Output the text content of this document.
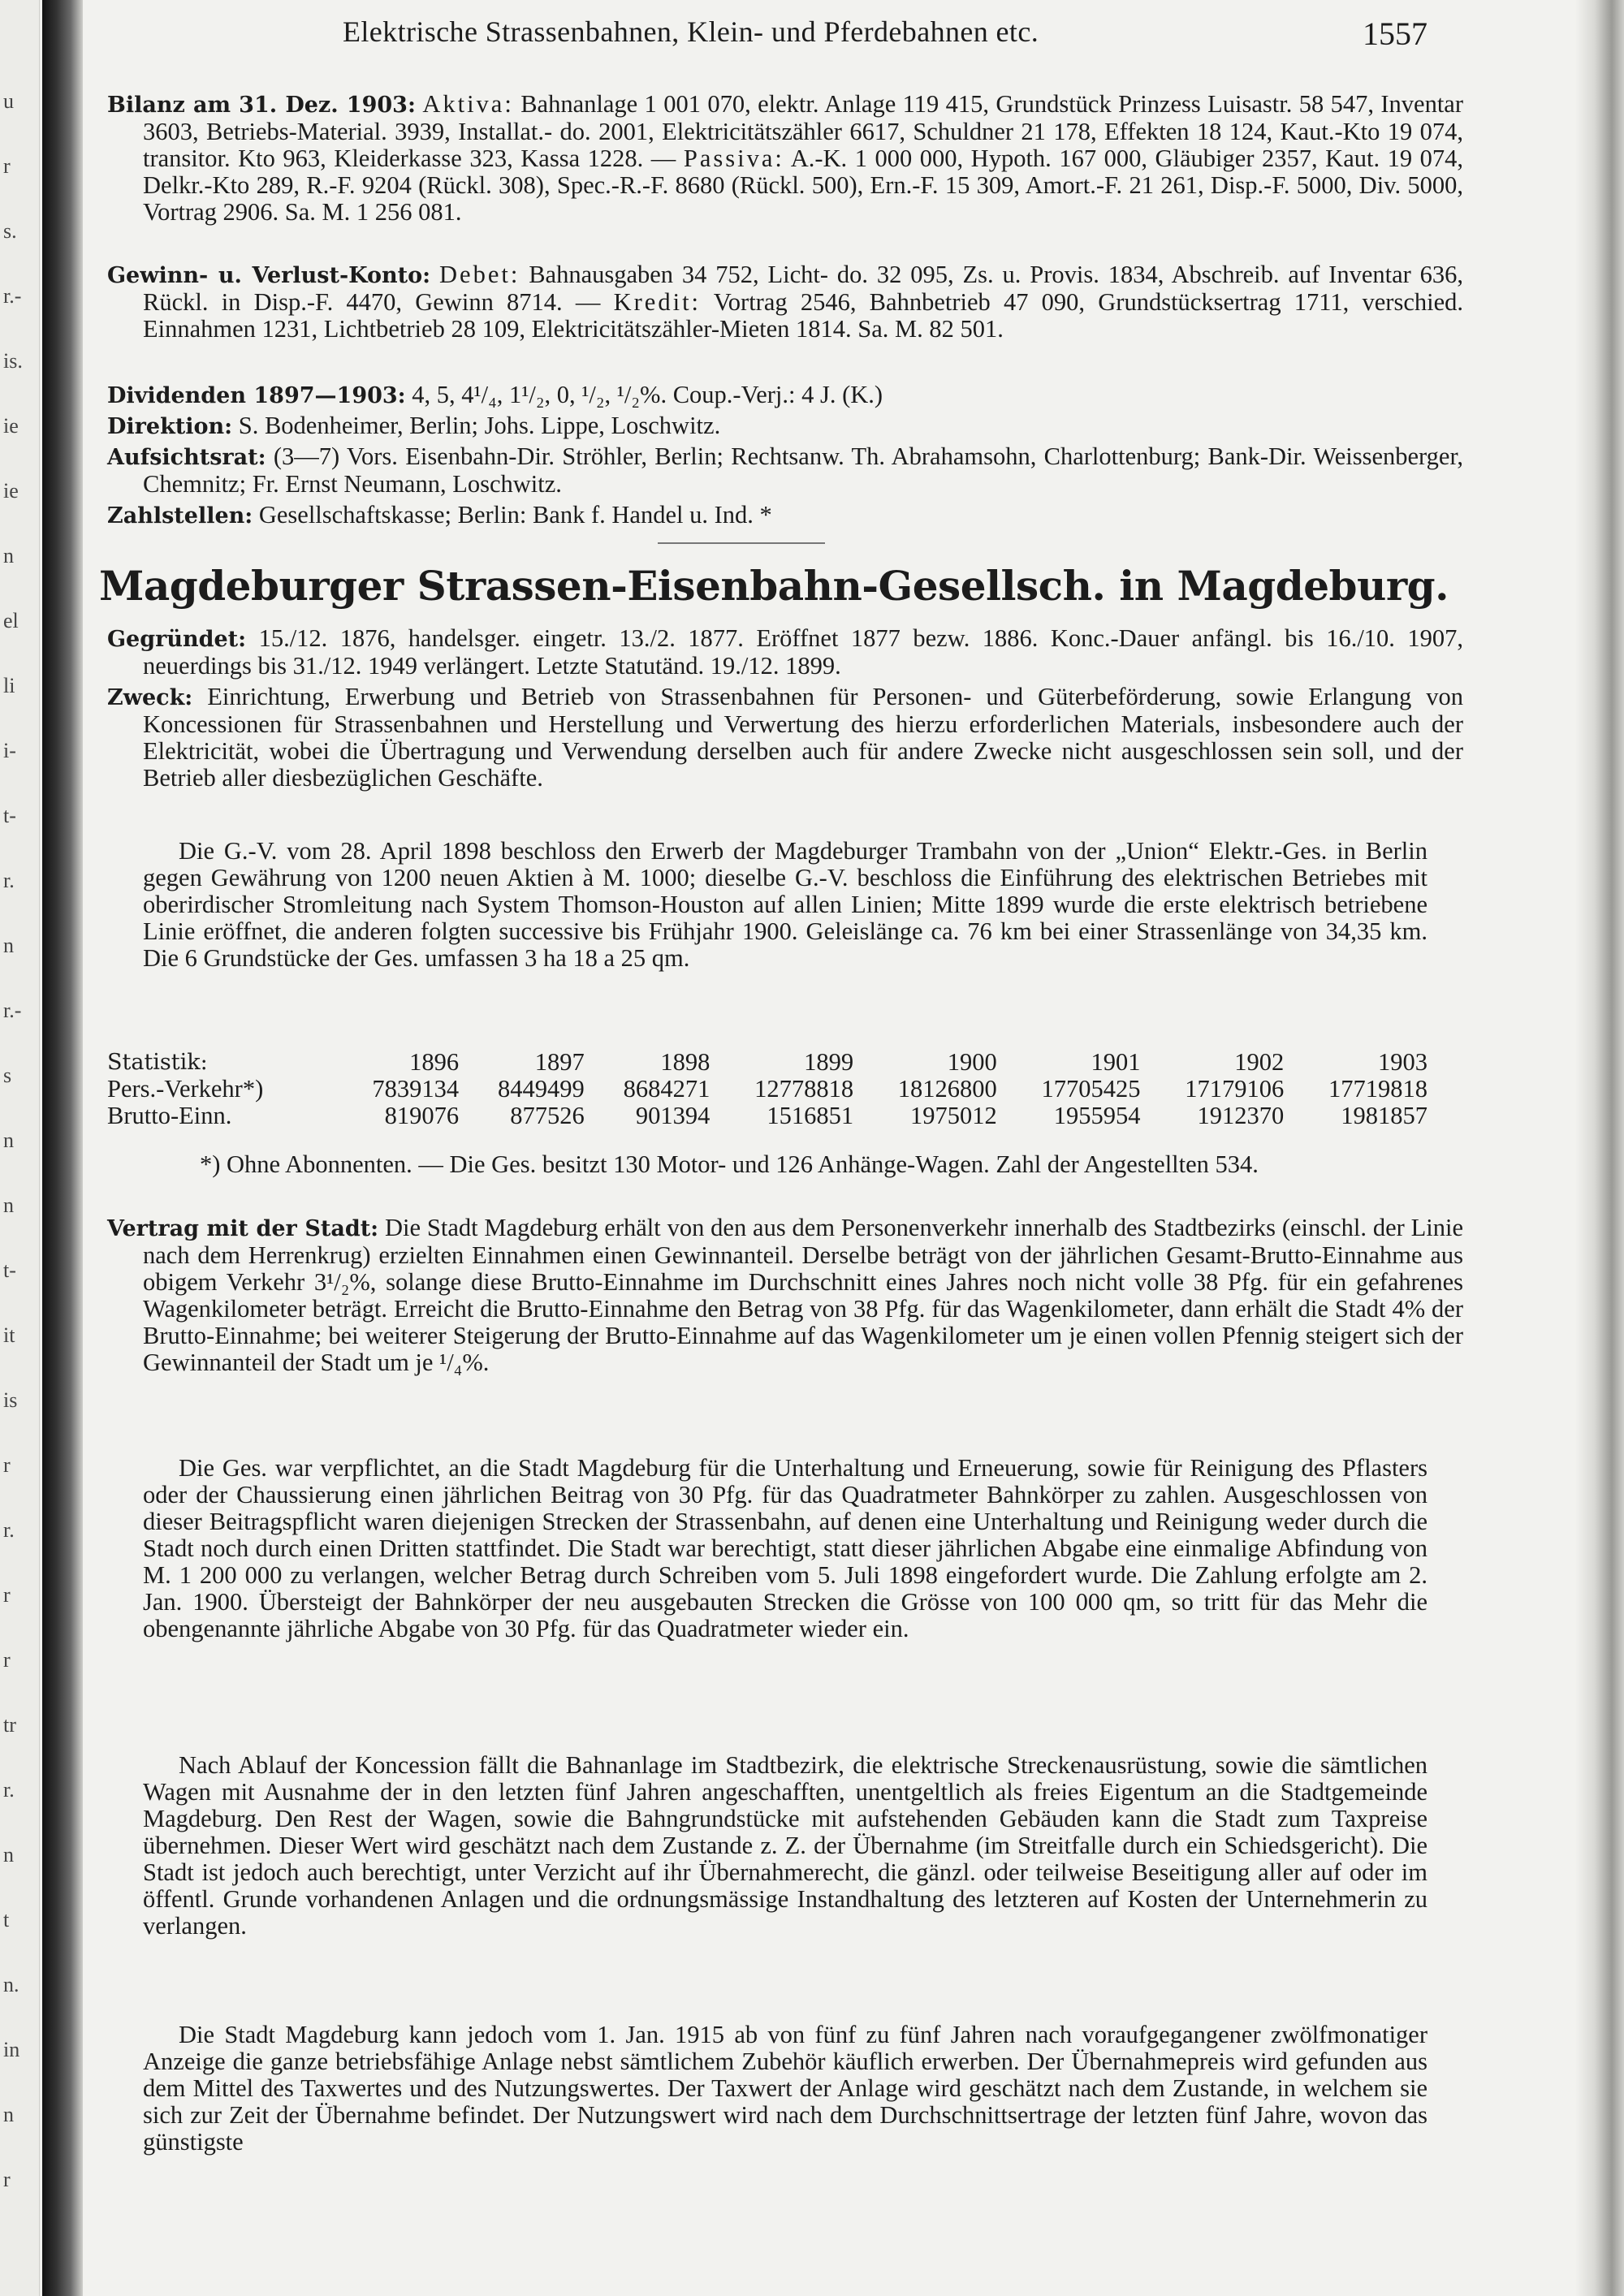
u
r
s.
r.-
is.
ie
ie
n
el
li
i-
t-
r.
n
r.-
s
n
n
t-
it
is
r
r.
r
r
tr
r.
n
t
n.
in
n
r
Elektrische Strassenbahnen, Klein- und Pferdebahnen etc.	1557
Bilanz am 31. Dez. 1903: Aktiva: Bahnanlage 1 001 070, elektr. Anlage 119 415, Grundstück Prinzess Luisastr. 58 547, Inventar 3603, Betriebs-Material. 3939, Installat.- do. 2001, Elektricitätszähler 6617, Schuldner 21 178, Effekten 18 124, Kaut.-Kto 19 074, transitor. Kto 963, Kleiderkasse 323, Kassa 1228. — Passiva: A.-K. 1 000 000, Hypoth. 167 000, Gläubiger 2357, Kaut. 19 074, Delkr.-Kto 289, R.-F. 9204 (Rückl. 308), Spec.-R.-F. 8680 (Rückl. 500), Ern.-F. 15 309, Amort.-F. 21 261, Disp.-F. 5000, Div. 5000, Vortrag 2906. Sa. M. 1 256 081.
Gewinn- u. Verlust-Konto: Debet: Bahnausgaben 34 752, Licht- do. 32 095, Zs. u. Provis. 1834, Abschreib. auf Inventar 636, Rückl. in Disp.-F. 4470, Gewinn 8714. — Kredit: Vortrag 2546, Bahnbetrieb 47 090, Grundstücksertrag 1711, verschied. Einnahmen 1231, Lichtbetrieb 28 109, Elektricitätszähler-Mieten 1814. Sa. M. 82 501.
Dividenden 1897—1903: 4, 5, 4¹/₄, 1¹/₂, 0, ¹/₂, ¹/₂%. Coup.-Verj.: 4 J. (K.)
Direktion: S. Bodenheimer, Berlin; Johs. Lippe, Loschwitz.
Aufsichtsrat: (3—7) Vors. Eisenbahn-Dir. Ströhler, Berlin; Rechtsanw. Th. Abrahamsohn, Charlottenburg; Bank-Dir. Weissenberger, Chemnitz; Fr. Ernst Neumann, Loschwitz.
Zahlstellen: Gesellschaftskasse; Berlin: Bank f. Handel u. Ind. *
Magdeburger Strassen-Eisenbahn-Gesellsch. in Magdeburg.
Gegründet: 15./12. 1876, handelsger. eingetr. 13./2. 1877. Eröffnet 1877 bezw. 1886. Konc.-Dauer anfängl. bis 16./10. 1907, neuerdings bis 31./12. 1949 verlängert. Letzte Statutänd. 19./12. 1899.
Zweck: Einrichtung, Erwerbung und Betrieb von Strassenbahnen für Personen- und Güterbeförderung, sowie Erlangung von Koncessionen für Strassenbahnen und Herstellung und Verwertung des hierzu erforderlichen Materials, insbesondere auch der Elektricität, wobei die Übertragung und Verwendung derselben auch für andere Zwecke nicht ausgeschlossen sein soll, und der Betrieb aller diesbezüglichen Geschäfte.
Die G.-V. vom 28. April 1898 beschloss den Erwerb der Magdeburger Trambahn von der „Union“ Elektr.-Ges. in Berlin gegen Gewährung von 1200 neuen Aktien à M. 1000; dieselbe G.-V. beschloss die Einführung des elektrischen Betriebes mit oberirdischer Stromleitung nach System Thomson-Houston auf allen Linien; Mitte 1899 wurde die erste elektrisch betriebene Linie eröffnet, die anderen folgten successive bis Frühjahr 1900. Geleislänge ca. 76 km bei einer Strassenlänge von 34,35 km. Die 6 Grundstücke der Ges. umfassen 3 ha 18 a 25 qm.
Statistik:	1896	1897	1898	1899	1900	1901	1902	1903
Pers.-Verkehr*)	7839134	8449499	8684271	12778818	18126800	17705425	17179106	17719818
Brutto-Einn.	819076	877526	901394	1516851	1975012	1955954	1912370	1981857
*) Ohne Abonnenten. — Die Ges. besitzt 130 Motor- und 126 Anhänge-Wagen. Zahl der Angestellten 534.
Vertrag mit der Stadt: Die Stadt Magdeburg erhält von den aus dem Personenverkehr innerhalb des Stadtbezirks (einschl. der Linie nach dem Herrenkrug) erzielten Einnahmen einen Gewinnanteil. Derselbe beträgt von der jährlichen Gesamt-Brutto-Einnahme aus obigem Verkehr 3¹/₂%, solange diese Brutto-Einnahme im Durchschnitt eines Jahres noch nicht volle 38 Pfg. für ein gefahrenes Wagenkilometer beträgt. Erreicht die Brutto-Einnahme den Betrag von 38 Pfg. für das Wagenkilometer, dann erhält die Stadt 4% der Brutto-Einnahme; bei weiterer Steigerung der Brutto-Einnahme auf das Wagenkilometer um je einen vollen Pfennig steigert sich der Gewinnanteil der Stadt um je ¹/₄%.
Die Ges. war verpflichtet, an die Stadt Magdeburg für die Unterhaltung und Erneuerung, sowie für Reinigung des Pflasters oder der Chaussierung einen jährlichen Beitrag von 30 Pfg. für das Quadratmeter Bahnkörper zu zahlen. Ausgeschlossen von dieser Beitragspflicht waren diejenigen Strecken der Strassenbahn, auf denen eine Unterhaltung und Reinigung weder durch die Stadt noch durch einen Dritten stattfindet. Die Stadt war berechtigt, statt dieser jährlichen Abgabe eine einmalige Abfindung von M. 1 200 000 zu verlangen, welcher Betrag durch Schreiben vom 5. Juli 1898 eingefordert wurde. Die Zahlung erfolgte am 2. Jan. 1900. Übersteigt der Bahnkörper der neu ausgebauten Strecken die Grösse von 100 000 qm, so tritt für das Mehr die obengenannte jährliche Abgabe von 30 Pfg. für das Quadratmeter wieder ein.
Nach Ablauf der Koncession fällt die Bahnanlage im Stadtbezirk, die elektrische Streckenausrüstung, sowie die sämtlichen Wagen mit Ausnahme der in den letzten fünf Jahren angeschafften, unentgeltlich als freies Eigentum an die Stadtgemeinde Magdeburg. Den Rest der Wagen, sowie die Bahngrundstücke mit aufstehenden Gebäuden kann die Stadt zum Taxpreise übernehmen. Dieser Wert wird geschätzt nach dem Zustande z. Z. der Übernahme (im Streitfalle durch ein Schiedsgericht). Die Stadt ist jedoch auch berechtigt, unter Verzicht auf ihr Übernahmerecht, die gänzl. oder teilweise Beseitigung aller auf oder im öffentl. Grunde vorhandenen Anlagen und die ordnungsmässige Instandhaltung des letzteren auf Kosten der Unternehmerin zu verlangen.
Die Stadt Magdeburg kann jedoch vom 1. Jan. 1915 ab von fünf zu fünf Jahren nach voraufgegangener zwölfmonatiger Anzeige die ganze betriebsfähige Anlage nebst sämtlichem Zubehör käuflich erwerben. Der Übernahmepreis wird gefunden aus dem Mittel des Taxwertes und des Nutzungswertes. Der Taxwert der Anlage wird geschätzt nach dem Zustande, in welchem sie sich zur Zeit der Übernahme befindet. Der Nutzungswert wird nach dem Durchschnittsertrage der letzten fünf Jahre, wovon das günstigste
